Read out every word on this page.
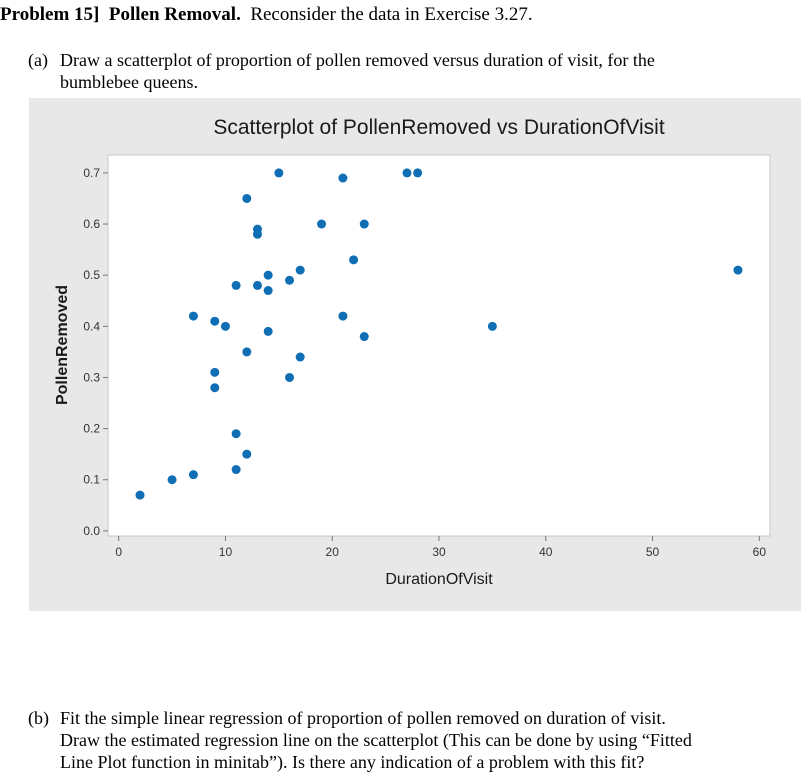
Problem 15] Pollen Removal. Reconsider the data in Exercise 3.27.
(a) Draw a scatterplot of proportion of pollen removed versus duration of visit, for the
bumblebee queens.
Scatterplot of PollenRemoved vs DurationOfVisit
DurationOfVisit
PollenRemoved
0.0
0.1
0.2
0.3
0.4
0.5
0.6
0.7
0	10	20	30	40	50	60
(b) Fit the simple linear regression of proportion of pollen removed on duration of visit.
Draw the estimated regression line on the scatterplot (This can be done by using “Fitted
Line Plot function in minitab”). Is there any indication of a problem with this fit?
